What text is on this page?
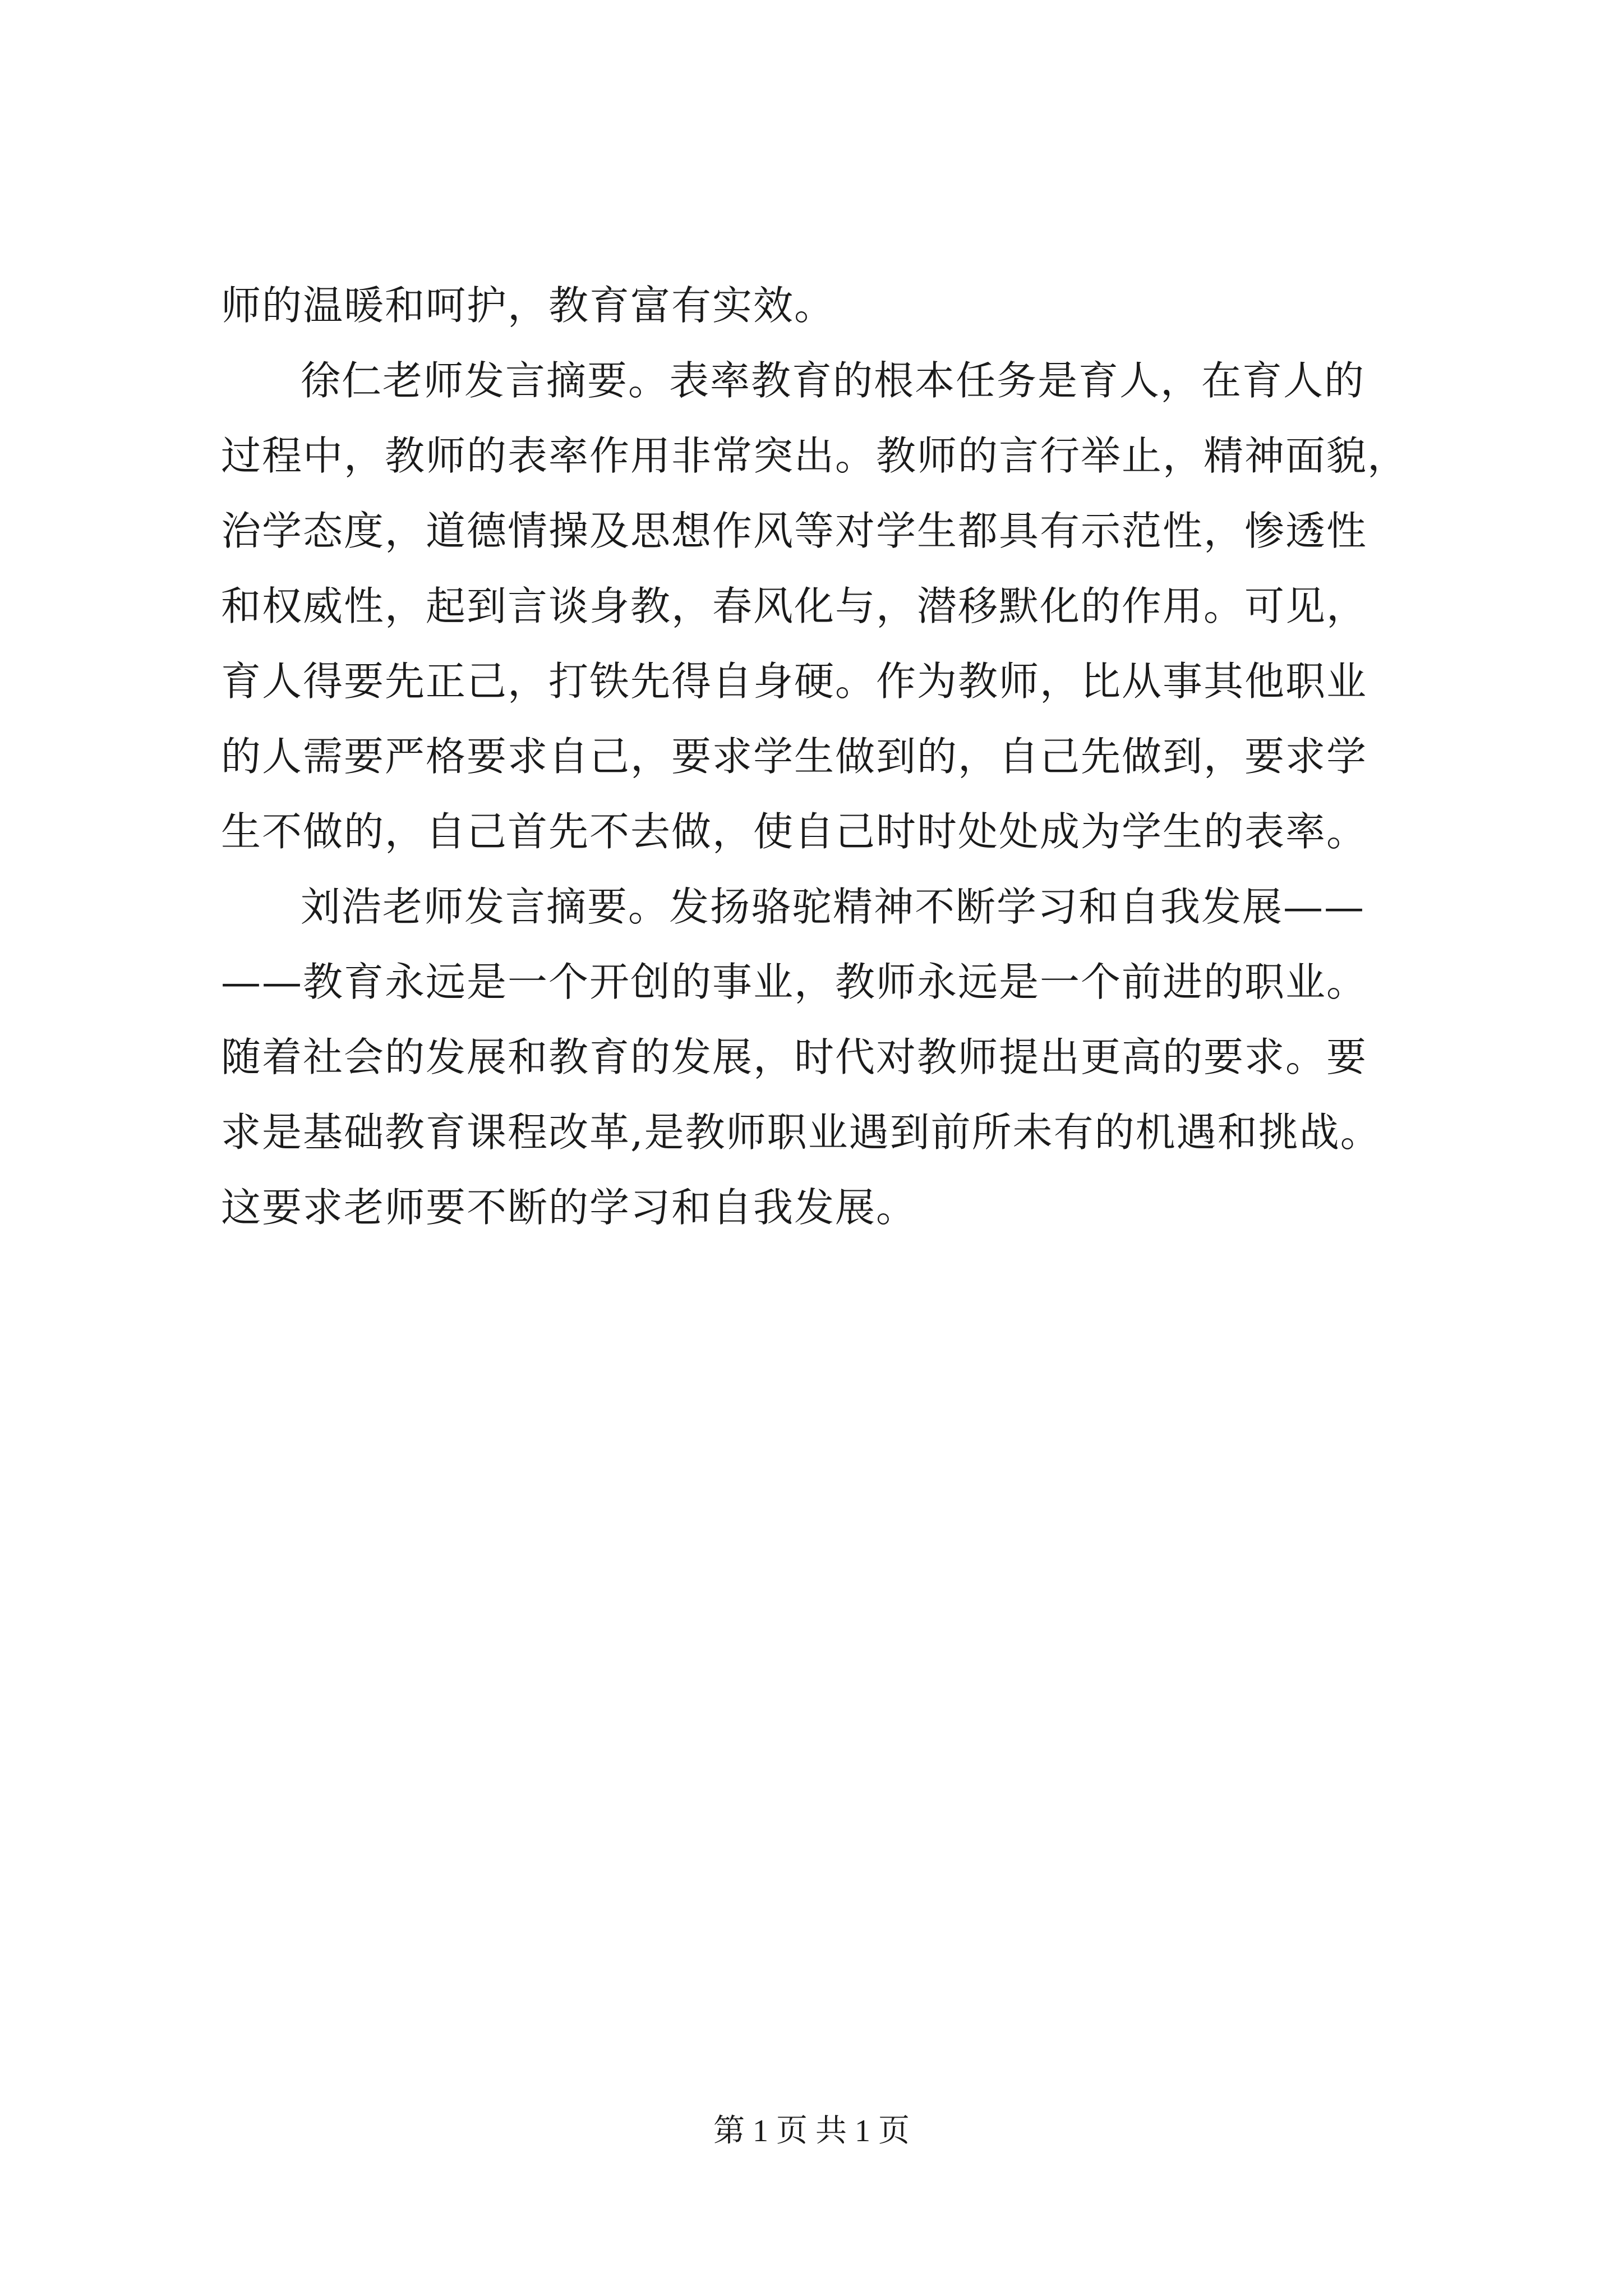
师的温暖和呵护，教育富有实效。
徐仁老师发言摘要。表率教育的根本任务是育人，在育人的
过程中，教师的表率作用非常突出。教师的言行举止，精神面貌，
治学态度，道德情操及思想作风等对学生都具有示范性，惨透性
和权威性，起到言谈身教，春风化与，潜移默化的作用。可见，
育人得要先正己，打铁先得自身硬。作为教师，比从事其他职业
的人需要严格要求自己，要求学生做到的，自己先做到，要求学
生不做的，自己首先不去做，使自己时时处处成为学生的表率。
刘浩老师发言摘要。发扬骆驼精神不断学习和自我发展——
——教育永远是一个开创的事业，教师永远是一个前进的职业。
随着社会的发展和教育的发展，时代对教师提出更高的要求。要
求是基础教育课程改革,是教师职业遇到前所未有的机遇和挑战。
这要求老师要不断的学习和自我发展。
第 1 页 共 1 页
